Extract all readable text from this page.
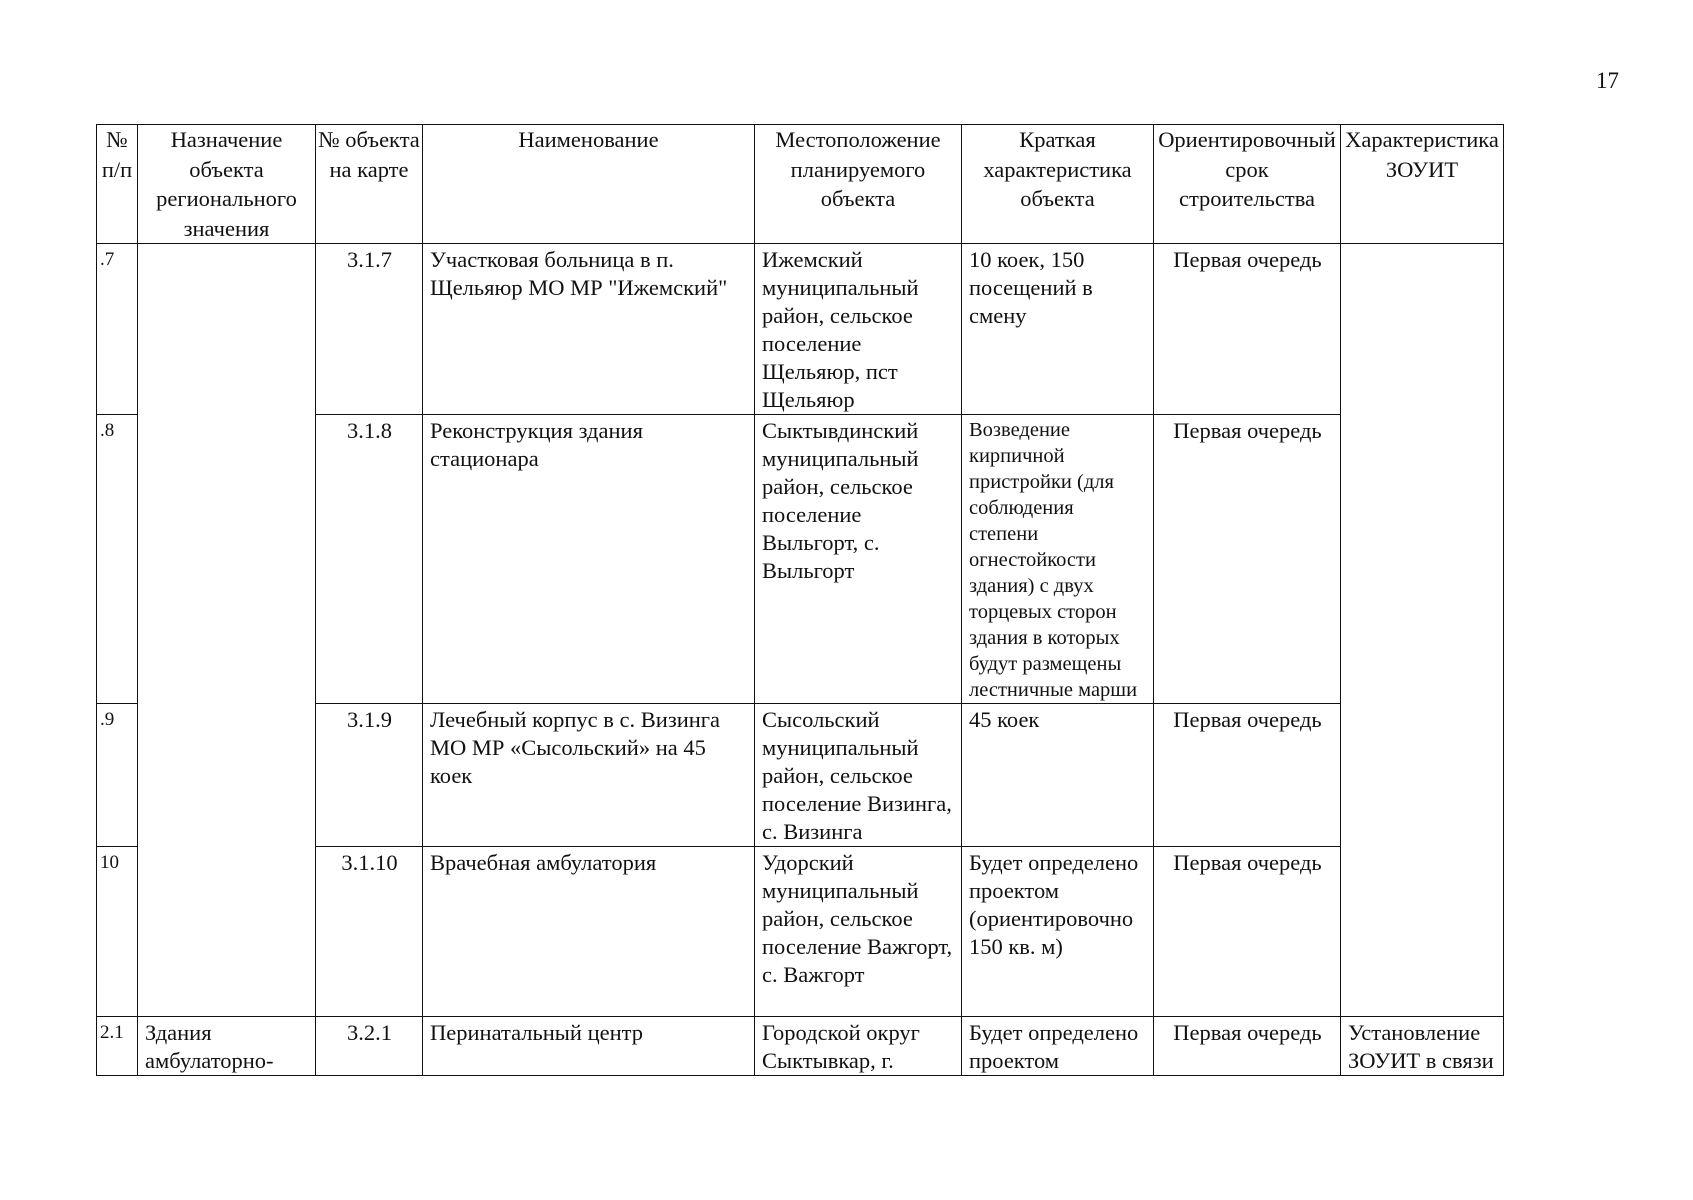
17
№ п/п	Назначение объекта регионального значения	№ объекта на карте	Наименование	Местоположение планируемого объекта	Краткая характеристика объекта	Ориентировочный срок строительства	Характеристика ЗОУИТ
.7		3.1.7	Участковая больница в п. Щельяюр МО МР "Ижемский"	Ижемский муниципальный район, сельское поселение Щельяюр, пст Щельяюр	10 коек, 150 посещений в смену	Первая очередь	
.8		3.1.8	Реконструкция здания стационара	Сыктывдинский муниципальный район, сельское поселение Выльгорт, с. Выльгорт	Возведение кирпичной пристройки (для соблюдения степени огнестойкости здания) с двух торцевых сторон здания в которых будут размещены лестничные марши	Первая очередь	
.9		3.1.9	Лечебный корпус в с. Визинга МО МР «Сысольский» на 45 коек	Сысольский муниципальный район, сельское поселение Визинга, с. Визинга	45 коек	Первая очередь	
10		3.1.10	Врачебная амбулатория	Удорский муниципальный район, сельское поселение Важгорт, с. Важгорт	Будет определено проектом (ориентировочно 150 кв. м)	Первая очередь	
2.1	Здания амбулаторно-	3.2.1	Перинатальный центр	Городской округ Сыктывкар, г.	Будет определено проектом	Первая очередь	Установление ЗОУИТ в связи
